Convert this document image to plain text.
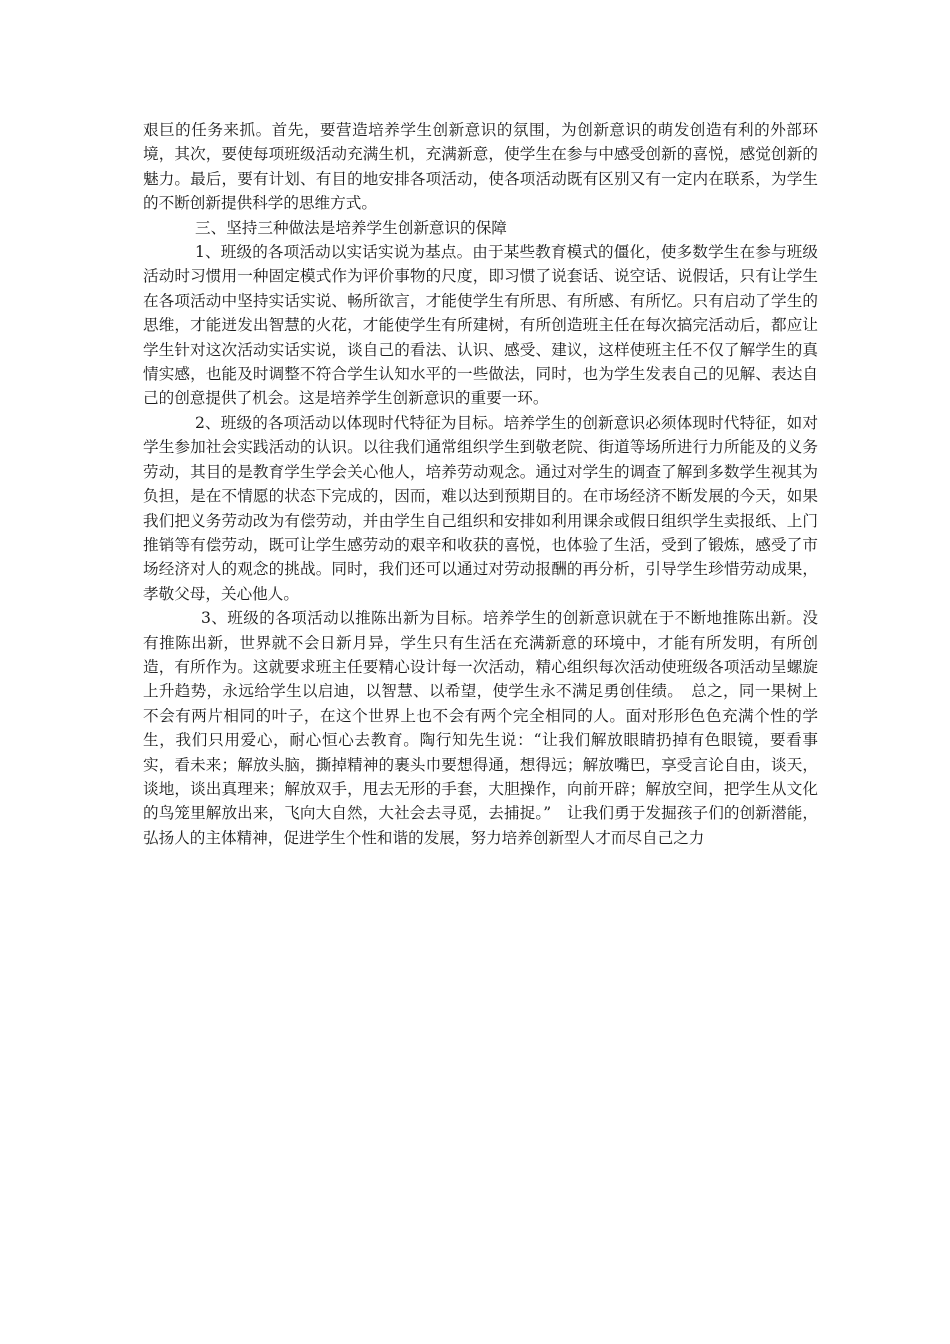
艰巨的任务来抓。首先，要营造培养学生创新意识的氛围，为创新意识的萌发创造有利的外部环境，其次，要使每项班级活动充满生机，充满新意，使学生在参与中感受创新的喜悦，感觉创新的魅力。最后，要有计划、有目的地安排各项活动，使各项活动既有区别又有一定内在联系，为学生的不断创新提供科学的思维方式。

三、坚持三种做法是培养学生创新意识的保障

1、班级的各项活动以实话实说为基点。由于某些教育模式的僵化，使多数学生在参与班级活动时习惯用一种固定模式作为评价事物的尺度，即习惯了说套话、说空话、说假话，只有让学生在各项活动中坚持实话实说、畅所欲言，才能使学生有所思、有所感、有所忆。只有启动了学生的思维，才能迸发出智慧的火花，才能使学生有所建树，有所创造班主任在每次搞完活动后，都应让学生针对这次活动实话实说，谈自己的看法、认识、感受、建议，这样使班主任不仅了解学生的真情实感，也能及时调整不符合学生认知水平的一些做法，同时，也为学生发表自己的见解、表达自己的创意提供了机会。这是培养学生创新意识的重要一环。

2、班级的各项活动以体现时代特征为目标。培养学生的创新意识必须体现时代特征，如对学生参加社会实践活动的认识。以往我们通常组织学生到敬老院、街道等场所进行力所能及的义务劳动，其目的是教育学生学会关心他人，培养劳动观念。通过对学生的调查了解到多数学生视其为负担，是在不情愿的状态下完成的，因而，难以达到预期目的。在市场经济不断发展的今天，如果我们把义务劳动改为有偿劳动，并由学生自己组织和安排如利用课余或假日组织学生卖报纸、上门推销等有偿劳动，既可让学生感劳动的艰辛和收获的喜悦，也体验了生活，受到了锻炼，感受了市场经济对人的观念的挑战。同时，我们还可以通过对劳动报酬的再分析，引导学生珍惜劳动成果，孝敬父母，关心他人。

3、班级的各项活动以推陈出新为目标。培养学生的创新意识就在于不断地推陈出新。没有推陈出新，世界就不会日新月异，学生只有生活在充满新意的环境中，才能有所发明，有所创造，有所作为。这就要求班主任要精心设计每一次活动，精心组织每次活动使班级各项活动呈螺旋上升趋势，永远给学生以启迪，以智慧、以希望，使学生永不满足勇创佳绩。　总之，同一果树上不会有两片相同的叶子，在这个世界上也不会有两个完全相同的人。面对形形色色充满个性的学生，我们只用爱心，耐心恒心去教育。陶行知先生说：“让我们解放眼睛扔掉有色眼镜，要看事实，看未来；解放头脑，撕掉精神的裹头巾要想得通，想得远；解放嘴巴，享受言论自由，谈天，谈地，谈出真理来；解放双手，甩去无形的手套，大胆操作，向前开辟；解放空间，把学生从文化的鸟笼里解放出来，飞向大自然，大社会去寻觅，去捕捉。”　让我们勇于发掘孩子们的创新潜能，弘扬人的主体精神，促进学生个性和谐的发展，努力培养创新型人才而尽自己之力
